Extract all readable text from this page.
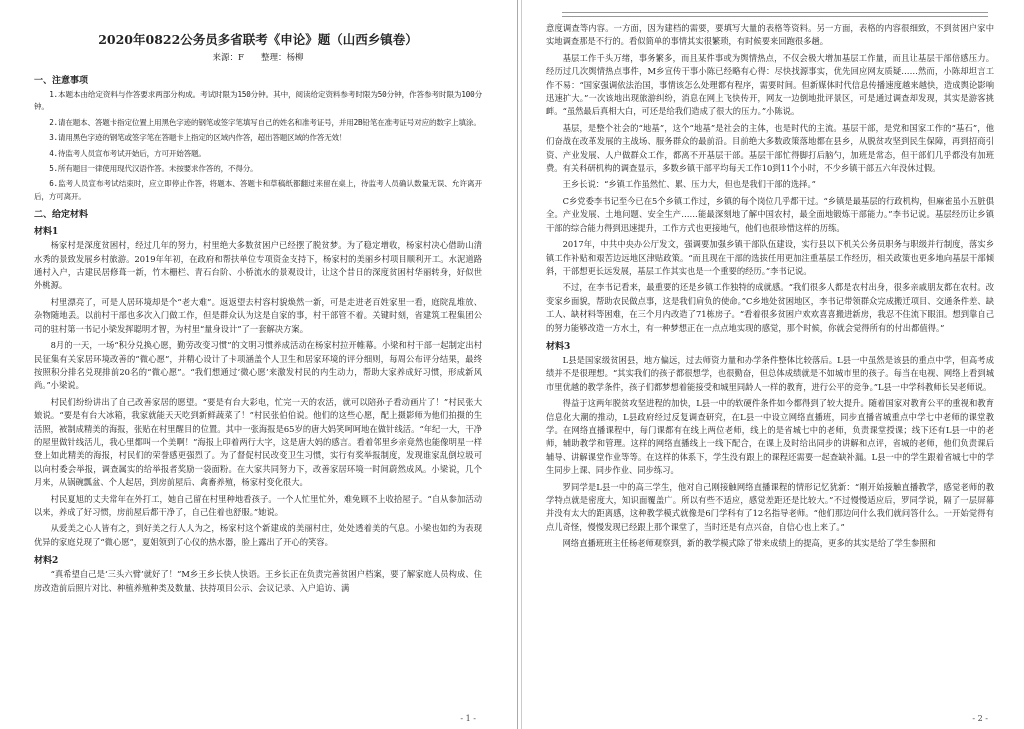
2020年0822公务员多省联考《申论》题（山西乡镇卷）
来源：F　　整理：杨柳
一、注意事项

1.本题本由给定资料与作答要求两部分构成。考试时限为150分钟。其中，阅读给定资料参考时限为50分钟，作答参考时限为100分钟。

2.请在题本、答题卡指定位置上用黑色字迹的钢笔或签字笔填写自己的姓名和准考证号，并用2B铅笔在准考证号对应的数字上填涂。

3.请用黑色字迹的钢笔或签字笔在答题卡上指定的区域内作答，超出答题区域的作答无效！

4.待监考人员宣布考试开始后，方可开始答题。

5.所有题目一律使用现代汉语作答。未按要求作答的，不得分。

6.监考人员宣布考试结束时，应立即停止作答，将题本、答题卡和草稿纸都翻过来留在桌上，待监考人员确认数量无误、允许离开后，方可离开。

二、给定材料
材料1

杨家村是深度贫困村，经过几年的努力，村里绝大多数贫困户已经摆了脱贫梦。为了稳定增收，杨家村决心借助山清水秀的景致发展乡村旅游。2019年年初，在政府和帮扶单位专项资金支持下，杨家村的美丽乡村项目顺利开工。水泥道路通村入户，古建民居修葺一新，竹木栅栏、青石台阶、小桥流水的景观设计，让这个昔日的深度贫困村华丽转身，好似世外桃源。

村里漂亮了，可是人居环境却是个“老大难”。返返望去村容村貌焕然一新，可是走进老百姓家里一看，庭院乱堆放、杂物随地丢。以前村干部也多次入门做工作，但是群众认为这是自家的事，村干部管不着。关键时刻，省建筑工程集团公司的驻村第一书记小梁发挥聪明才智，为村里“量身设计”了一套解决方案。

8月的一天，一场“积分兑换心愿，勤劳改变习惯”的文明习惯养成活动在杨家村拉开帷幕。小梁和村干部一起制定出村民征集有关家居环境改善的“微心愿”，并精心设计了卡项涵盖个人卫生和居家环境的评分细则，每周公布评分结果，最终按照积分排名兑现排前20名的“微心愿”。“我们想通过‘微心愿’来激发村民的内生动力，帮助大家养成好习惯，形成新风尚。”小梁说。

村民们纷纷讲出了自己改善家居的愿望。“要是有台大彩电，忙完一天的农活，就可以陪孙子看动画片了！”村民张大娘说。“要是有台大冰箱，我家就能天天吃到新鲜蔬菜了！”村民张伯伯说。他们的这些心愿，配上摄影师为他们拍摄的生活照，被制成精美的海报，张贴在村里醒目的位置。其中一张海报是65岁的唐大妈笑呵呵地在做针线活。“年纪一大，干净的屋里做针线活儿，我心里都叫一个美啊！”海报上印着两行大字，这是唐大妈的感言。看着邻里乡亲竟然也能像明星一样登上如此精美的海报，村民们的荣誉感更强烈了。为了督促村民改变卫生习惯，实行有奖举报制度，发现谁家乱倒垃圾可以向村委会举报，调查属实的给举报者奖励一袋面粉。在大家共同努力下，改善家居环境一时间蔚然成风。小梁说，几个月来，从锅碗瓢盆、个人起居，到房前屋后、禽畜养殖，杨家村变化很大。

村民夏旭的丈夫常年在外打工，她自己留在村里种地看孩子。一个人忙里忙外，难免顾不上收拾屋子。“自从参加活动以来，养成了好习惯，房前屋后都干净了，自己住着也舒服。”她说。

从爱美之心人皆有之，到好美之行人人为之，杨家村这个新建成的美丽村庄，处处透着美的气息。小梁也如约为表现优异的家庭兑现了“微心愿”，夏姐领到了心仪的热水器，脸上露出了开心的笑容。

材料2

“真希望自己是‘三头六臂’就好了！”M乡王乡长快人快语。王乡长正在负责完善贫困户档案，要了解家庭人员构成、住房改造前后照片对比、种植养殖种类及数量、扶持项目公示、会议记录、入户追访、满

- 1 -

意度调查等内容。一方面，因为建档的需要，要填写大量的表格等资料。另一方面，表格的内容很细致，不到贫困户家中实地调查那是不行的。看似简单的事情其实很繁琐，有时候要来回跑很多趟。

基层工作千头万绪，事务繁多，而且某件事或为舆情热点，不仅会极大增加基层工作量，而且让基层干部倍感压力。经历过几次舆情热点事件，M乡宣传干事小陈已经略有心得：尽快找源事实，优先回应网友质疑……然而，小陈却坦言工作不易：“国家强调依法治国，事情该怎么处理都有程序，需要时间。但新媒体时代信息传播速度越来越快，造成舆论影响迅速扩大。”一次该地出现旅游纠纷，消息在网上飞快传开，网友一边倒地批评景区，可是通过调查却发现，其实是游客挑衅。“虽然最后真相大白，可还是给我们造成了很大的压力。”小陈说。

基层，是整个社会的“地基”，这个“地基”是社会的主体，也是时代的主流。基层干部，是党和国家工作的“基石”，他们奋战在改革发展的主战场、服务群众的最前沿。目前绝大多数政策落地都在县乡，从脱贫攻坚到民生保障，再到招商引资、产业发展、人户做群众工作，都离不开基层干部。基层干部忙得脚打后脑勺，加班是常态，但干部们几乎都没有加班费。有关科研机构的调查显示，多数乡镇干部平均每天工作10到11个小时，不少乡镇干部五六年没休过假。

王乡长说：“乡镇工作虽然忙、累、压力大，但也是我们干部的选择。”

C乡党委李书记至今已在5个乡镇工作过，乡镇的每个岗位几乎都干过。“乡镇是最基层的行政机构，但麻雀虽小五脏俱全。产业发展、土地问题、安全生产……能最深刻地了解中国农村，最全面地锻炼干部能力。”李书记说。基层经历让乡镇干部的综合能力得到迅速提升，工作方式也更接地气，他们也很珍惜这样的历练。

2017年，中共中央办公厅发文，强调要加强乡镇干部队伍建设，实行县以下机关公务员职务与职级并行制度，落实乡镇工作补贴和艰苦边远地区津贴政策。“而且现在干部的选拔任用更加注重基层工作经历，相关政策也更多地向基层干部倾斜，干部想更长远发展，基层工作其实也是一个重要的经历。”李书记说。

不过，在李书记看来，最重要的还是乡镇工作独特的成就感。“我们很多人都是农村出身，很多亲戚朋友都在农村。改变家乡面貌，帮助农民做点事，这是我们肩负的使命。”C乡地处贫困地区，李书记带领群众完成搬迁项目、交通条件差、缺工人、缺材料等困难，在三个月内改造了71栋房子。“看着很多贫困户欢欢喜喜搬进新房，我忍不住流下眼泪。想到靠自己的努力能够改造一方水土，有一种梦想正在一点点地实现的感觉，那个时候，你就会觉得所有的付出都值得。”

材料3

L县是国家级贫困县，地方偏远，过去师资力量和办学条件整体比较落后。L县一中虽然是该县的重点中学，但高考成绩并不是很理想。“其实我们的孩子都很想学，也很勤奋，但总体成绩就是不如城市里的孩子。每当在电视、网络上看到城市里优越的教学条件，孩子们都梦想着能接受和城里同龄人一样的教育，进行公平的竞争。”L县一中学科教师长吴老师说。

得益于这两年脱贫攻坚进程的加快，L县一中的软硬件条件如今都得到了较大提升。随着国家对教育公平的重视和教育信息化大潮的推动，L县政府经过反复调查研究，在L县一中设立网络直播班，同步直播省城重点中学七中老师的课堂教学。在网络直播课程中，每门课都有在线上两位老师，线上的是省城七中的老师，负责课堂授课；线下还有L县一中的老师，辅助教学和管理。这样的网络直播线上一线下配合，在课上及时给出同步的讲解和点评，省城的老师，他们负责课后辅导、讲解课堂作业等等。在这样的体系下，学生没有跟上的课程还需要一起查缺补漏。L县一中的学生跟着省城七中的学生同步上课、同步作业、同步练习。

罗同学是L县一中的高三学生，他对自己刚接触网络直播课程的情形记忆犹新：“刚开始接触直播教学，感觉老师的教学特点就是密度大，知识面覆盖广。所以有些不适应，感觉差距还是比较大。”不过慢慢适应后，罗同学说，隔了一层屏幕并没有太大的距离感，这种教学模式就像是6门学科有了12名指导老师。“他们那边问什么我们就问答什么。一开始觉得有点儿奇怪，慢慢发现已经跟上那个课堂了，当时还是有点兴奋，自信心也上来了。”

网络直播班班主任杨老师观察到，新的教学模式除了带来成绩上的提高，更多的其实是给了学生参照和

- 2 -
